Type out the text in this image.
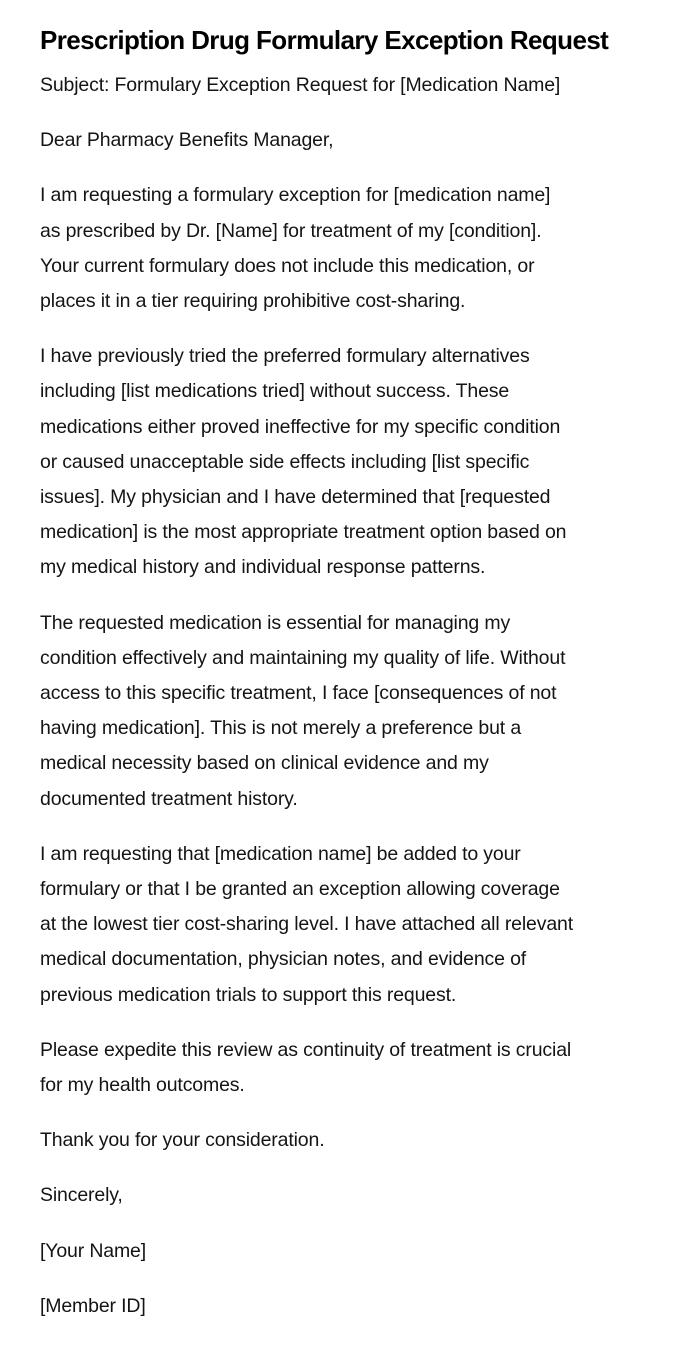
Prescription Drug Formulary Exception Request

Subject: Formulary Exception Request for [Medication Name]

Dear Pharmacy Benefits Manager,

I am requesting a formulary exception for [medication name]
as prescribed by Dr. [Name] for treatment of my [condition].
Your current formulary does not include this medication, or
places it in a tier requiring prohibitive cost-sharing.

I have previously tried the preferred formulary alternatives
including [list medications tried] without success. These
medications either proved ineffective for my specific condition
or caused unacceptable side effects including [list specific
issues]. My physician and I have determined that [requested
medication] is the most appropriate treatment option based on
my medical history and individual response patterns.

The requested medication is essential for managing my
condition effectively and maintaining my quality of life. Without
access to this specific treatment, I face [consequences of not
having medication]. This is not merely a preference but a
medical necessity based on clinical evidence and my
documented treatment history.

I am requesting that [medication name] be added to your
formulary or that I be granted an exception allowing coverage
at the lowest tier cost-sharing level. I have attached all relevant
medical documentation, physician notes, and evidence of
previous medication trials to support this request.

Please expedite this review as continuity of treatment is crucial
for my health outcomes.

Thank you for your consideration.

Sincerely,

[Your Name]

[Member ID]
